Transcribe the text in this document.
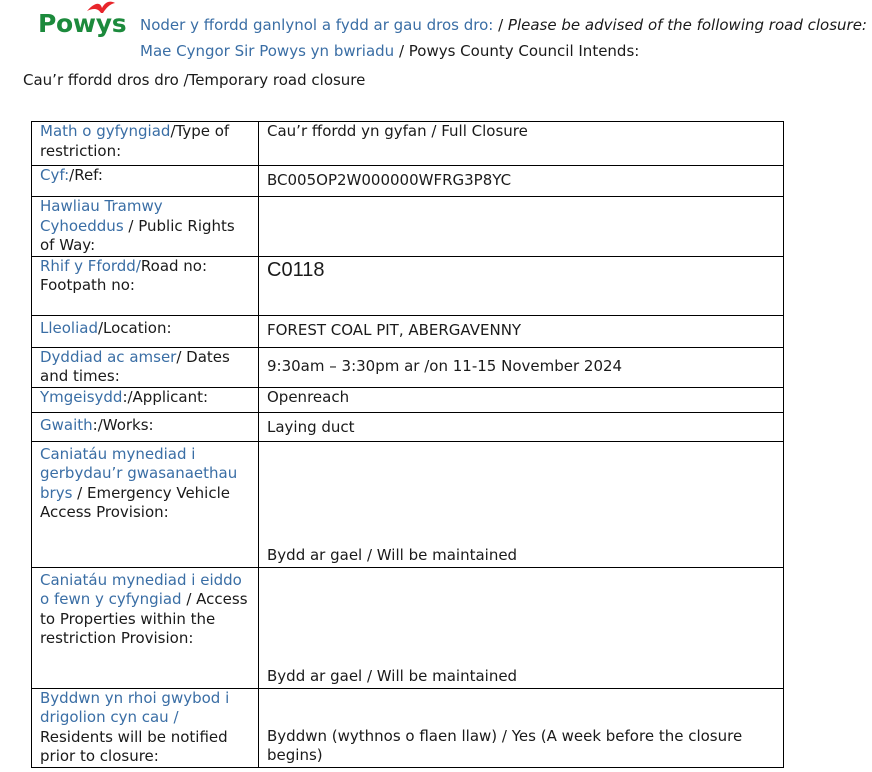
Powys Noder y ffordd ganlynol a fydd ar gau dros dro: / Please be advised of the following road closure:
Mae Cyngor Sir Powys yn bwriadu / Powys County Council Intends:
Cau’r ffordd dros dro /Temporary road closure
Math o gyfyngiad/Type of restriction:	Cau’r ffordd yn gyfan / Full Closure
Cyf:/Ref:	BC005OP2W000000WFRG3P8YC
Hawliau Tramwy Cyhoeddus / Public Rights of Way:	
Rhif y Ffordd/Road no: Footpath no:	C0118
Lleoliad/Location:	FOREST COAL PIT, ABERGAVENNY
Dyddiad ac amser/ Dates and times:	9:30am – 3:30pm ar /on 11-15 November 2024
Ymgeisydd:/Applicant:	Openreach
Gwaith:/Works:	Laying duct
Caniatáu mynediad i gerbydau’r gwasanaethau brys / Emergency Vehicle Access Provision:	Bydd ar gael / Will be maintained
Caniatáu mynediad i eiddo o fewn y cyfyngiad / Access to Properties within the restriction Provision:	Bydd ar gael / Will be maintained
Byddwn yn rhoi gwybod i drigolion cyn cau / Residents will be notified prior to closure:	Byddwn (wythnos o flaen llaw) / Yes (A week before the closure begins)
